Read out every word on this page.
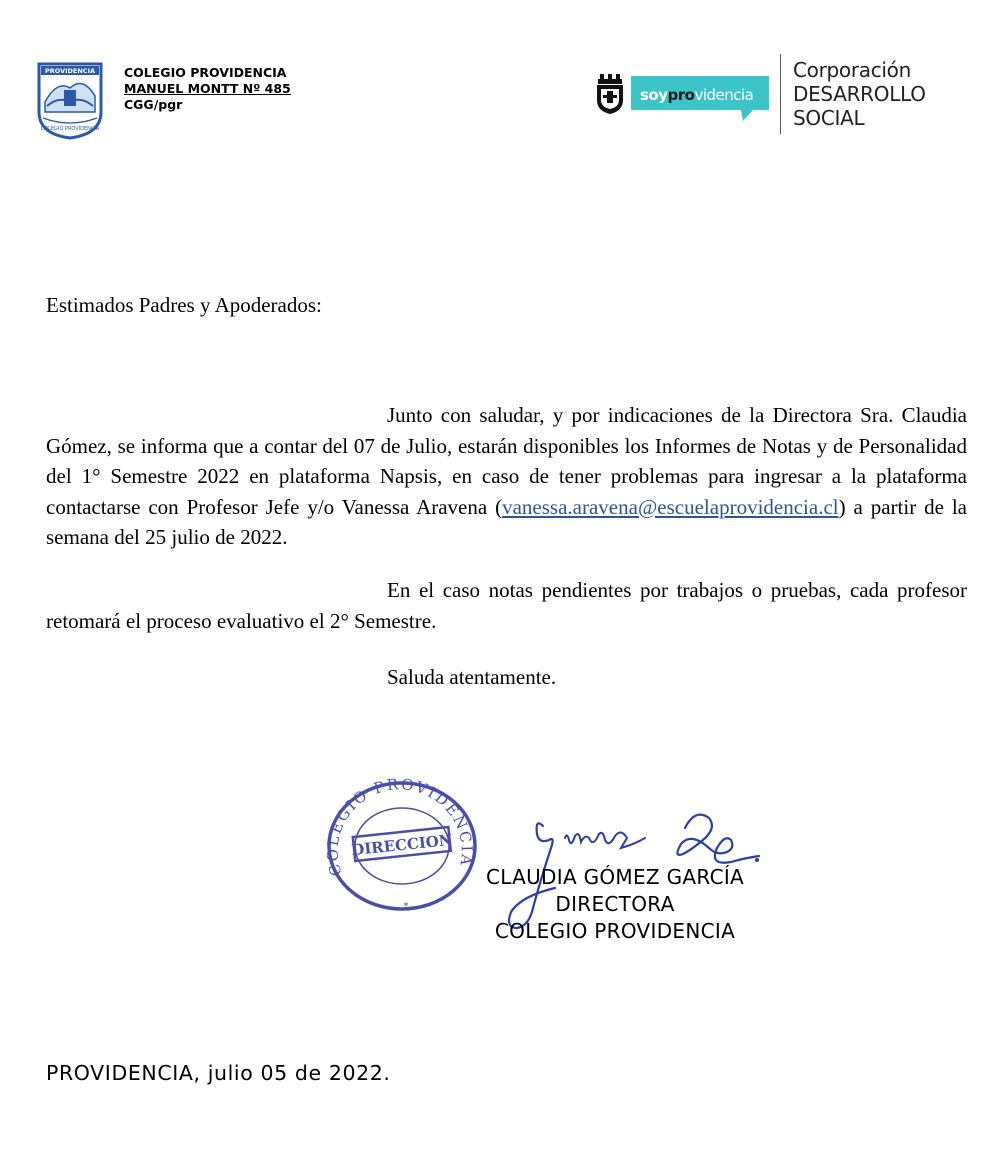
PROVIDENCIA
COLEGIO PROVIDENCIA
COLEGIO PROVIDENCIA
MANUEL MONTT Nº 485
CGG/pgr
soyprovidencia
Corporación
DESARROLLO
SOCIAL
Estimados Padres y Apoderados:
Junto con saludar, y por indicaciones de la Directora Sra. Claudia Gómez, se informa que a contar del 07 de Julio, estarán disponibles los Informes de Notas y de Personalidad del 1° Semestre 2022 en plataforma Napsis, en caso de tener problemas para ingresar a la plataforma contactarse con Profesor Jefe y/o Vanessa Aravena (vanessa.aravena@escuelaprovidencia.cl) a partir de la semana del 25 julio de 2022.
En el caso notas pendientes por trabajos o pruebas, cada profesor retomará el proceso evaluativo el 2° Semestre.
Saluda atentamente.
COLEGIO PROVIDENCIA
DIRECCION
*
CLAUDIA GÓMEZ GARCÍA
DIRECTORA
COLEGIO PROVIDENCIA
PROVIDENCIA, julio 05 de 2022.
